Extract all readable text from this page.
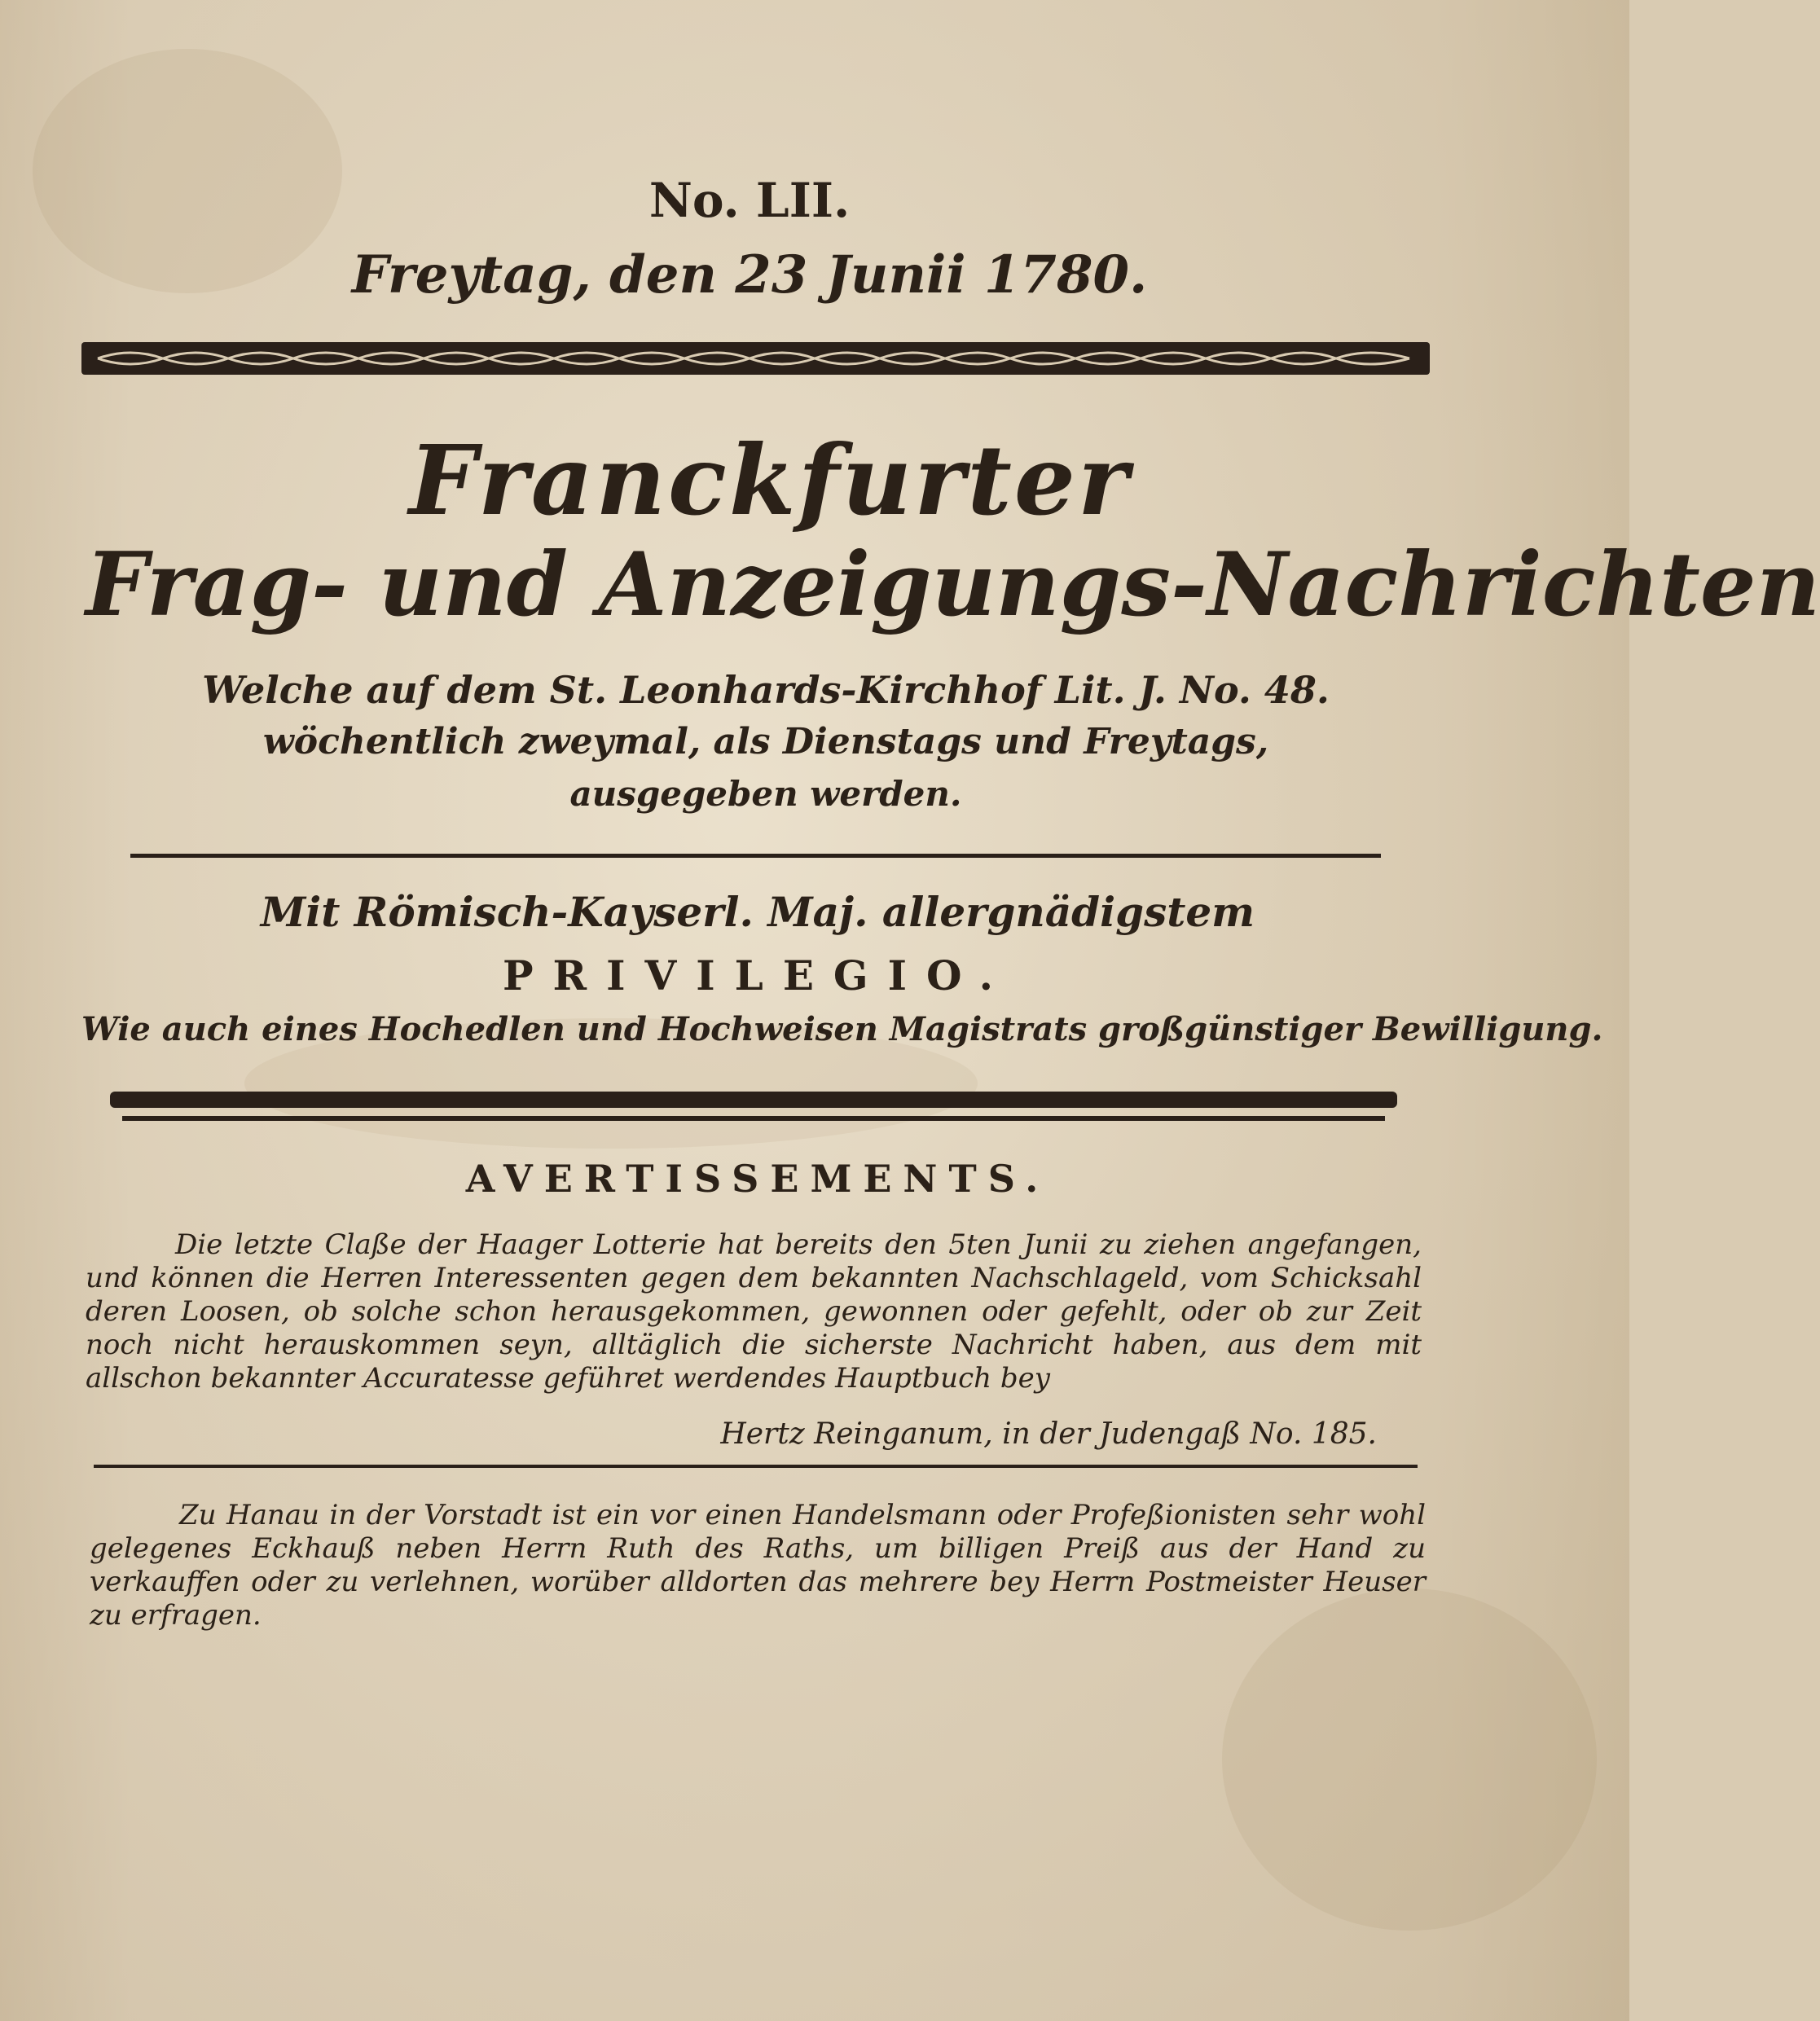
No. LII.
Freytag, den 23 Junii 1780.
Franckfurter
Frag- und Anzeigungs-Nachrichten
Welche auf dem St. Leonhards-Kirchhof Lit. J. No. 48.
wöchentlich zweymal, als Dienstags und Freytags,
ausgegeben werden.
Mit Römisch-Kayserl. Maj. allergnädigstem
PRIVILEGIO.
Wie auch eines Hochedlen und Hochweisen Magistrats großgünstiger Bewilligung.
AVERTISSEMENTS.
Die letzte Claße der Haager Lotterie hat bereits den 5ten Junii zu ziehen angefangen, und können die Herren Interessenten gegen dem bekannten Nachschlageld, vom Schicksahl deren Loosen, ob solche schon herausgekommen, gewonnen oder gefehlt, oder ob zur Zeit noch nicht herauskommen seyn, alltäglich die sicherste Nachricht haben, aus dem mit allschon bekannter Accuratesse geführet werdendes Hauptbuch bey
Hertz Reinganum, in der Judengaß No. 185.
Zu Hanau in der Vorstadt ist ein vor einen Handelsmann oder Profeßionisten sehr wohl gelegenes Eckhauß neben Herrn Ruth des Raths, um billigen Preiß aus der Hand zu verkauffen oder zu verlehnen, worüber alldorten das mehrere bey Herrn Postmeister Heuser zu erfragen.
